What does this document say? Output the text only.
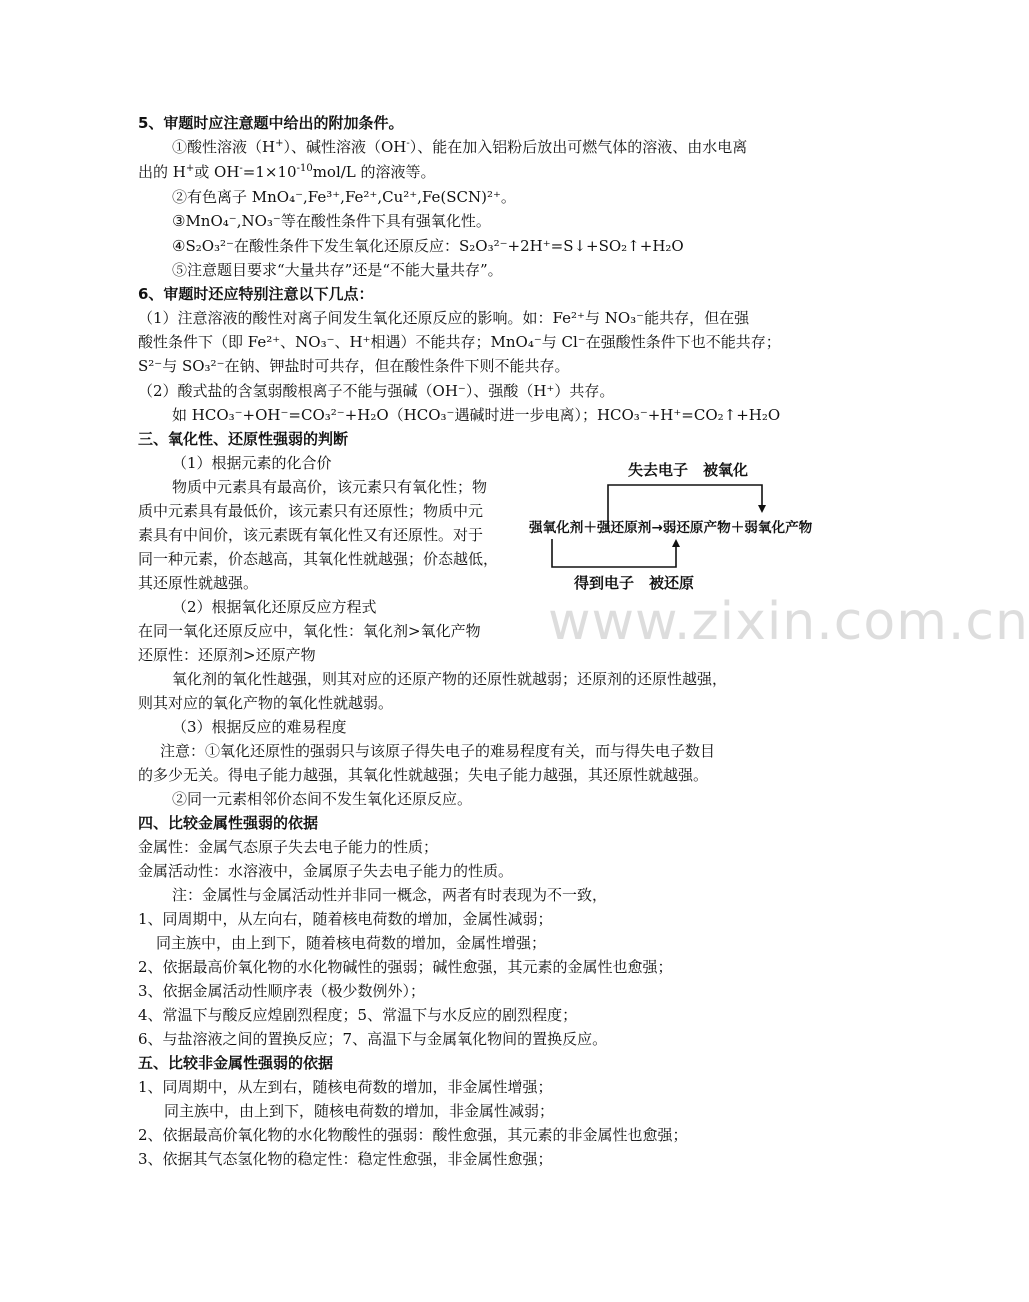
5、审题时应注意题中给出的附加条件。
①酸性溶液（H+）、碱性溶液（OH-）、能在加入铝粉后放出可燃气体的溶液、由水电离
出的 H+或 $OH^-=1\times 10^{-10}mol/L$ 的溶液等。
②有色离子 MnO₄⁻,Fe³⁺,Fe²⁺,Cu²⁺,Fe(SCN)²⁺。
③MnO₄⁻,NO₃⁻等在酸性条件下具有强氧化性。
④S₂O₃²⁻在酸性条件下发生氧化还原反应：S₂O₃²⁻+2H⁺=S↓+SO₂↑+H₂O
⑤注意题目要求“大量共存”还是“不能大量共存”。
6、审题时还应特别注意以下几点：
（1）注意溶液的酸性对离子间发生氧化还原反应的影响。如：Fe²⁺与 NO₃⁻能共存，但在强
酸性条件下（即 Fe²⁺、NO₃⁻、H⁺相遇）不能共存；MnO₄⁻与 Cl⁻在强酸性条件下也不能共存；
S²⁻与 SO₃²⁻在钠、钾盐时可共存，但在酸性条件下则不能共存。
（2）酸式盐的含氢弱酸根离子不能与强碱（OH⁻）、强酸（H⁺）共存。
如 HCO₃⁻+OH⁻=CO₃²⁻+H₂O（HCO₃⁻遇碱时进一步电离）；HCO₃⁻+H⁺=CO₂↑+H₂O
三、氧化性、还原性强弱的判断
（1）根据元素的化合价
物质中元素具有最高价，该元素只有氧化性；物
质中元素具有最低价，该元素只有还原性；物质中元
素具有中间价，该元素既有氧化性又有还原性。对于
同一种元素，价态越高，其氧化性就越强；价态越低，
其还原性就越强。
失去电子　被氧化
强氧化剂＋强还原剂→弱还原产物＋弱氧化产物
得到电子　被还原
（2）根据氧化还原反应方程式
在同一氧化还原反应中，氧化性：氧化剂>氧化产物
还原性：还原剂>还原产物
氧化剂的氧化性越强，则其对应的还原产物的还原性就越弱；还原剂的还原性越强，
则其对应的氧化产物的氧化性就越弱。
（3）根据反应的难易程度
注意：①氧化还原性的强弱只与该原子得失电子的难易程度有关，而与得失电子数目
的多少无关。得电子能力越强，其氧化性就越强；失电子能力越强，其还原性就越强。
②同一元素相邻价态间不发生氧化还原反应。
四、比较金属性强弱的依据
金属性：金属气态原子失去电子能力的性质；
金属活动性：水溶液中，金属原子失去电子能力的性质。
注：金属性与金属活动性并非同一概念，两者有时表现为不一致，
1、同周期中，从左向右，随着核电荷数的增加，金属性减弱；
同主族中，由上到下，随着核电荷数的增加，金属性增强；
2、依据最高价氧化物的水化物碱性的强弱；碱性愈强，其元素的金属性也愈强；
3、依据金属活动性顺序表（极少数例外）；
4、常温下与酸反应煌剧烈程度；5、常温下与水反应的剧烈程度；
6、与盐溶液之间的置换反应；7、高温下与金属氧化物间的置换反应。
五、比较非金属性强弱的依据
1、同周期中，从左到右，随核电荷数的增加，非金属性增强；
同主族中，由上到下，随核电荷数的增加，非金属性减弱；
2、依据最高价氧化物的水化物酸性的强弱：酸性愈强，其元素的非金属性也愈强；
3、依据其气态氢化物的稳定性：稳定性愈强，非金属性愈强；
www.zixin.com.cn
